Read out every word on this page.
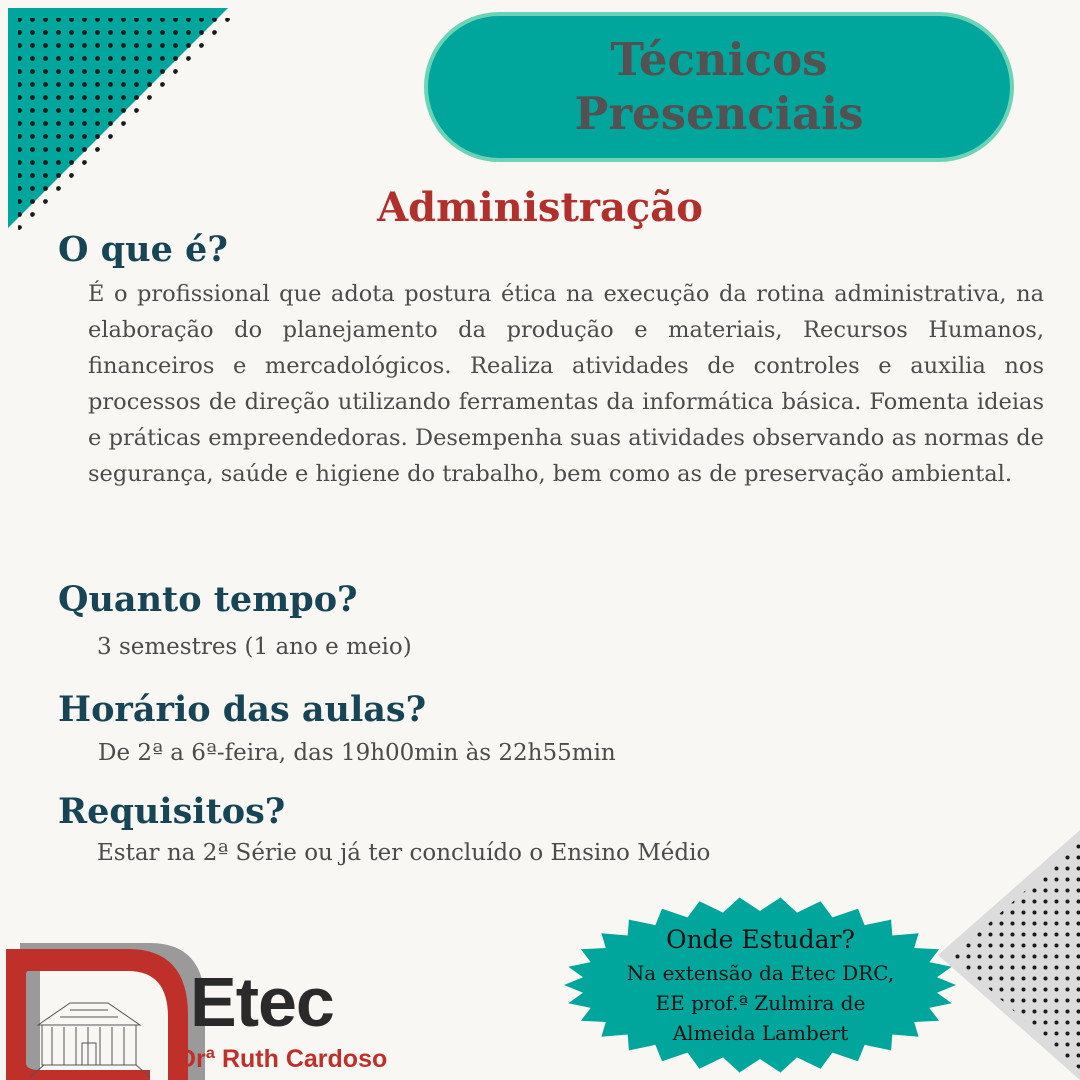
Técnicos
Presenciais
Administração
O que é?
É o profissional que adota postura ética na execução da rotina administrativa, na elaboração do planejamento da produção e materiais, Recursos Humanos, financeiros e mercadológicos. Realiza atividades de controles e auxilia nos processos de direção utilizando ferramentas da informática básica. Fomenta ideias e práticas empreendedoras. Desempenha suas atividades observando as normas de segurança, saúde e higiene do trabalho, bem como as de preservação ambiental.
Quanto tempo?
3 semestres (1 ano e meio)
Horário das aulas?
De 2ª a 6ª-feira, das 19h00min às 22h55min
Requisitos?
Estar na 2ª Série ou já ter concluído o Ensino Médio
Onde Estudar?
Na extensão da Etec DRC,
EE prof.ª Zulmira de
Almeida Lambert
Etec
Drª Ruth Cardoso
